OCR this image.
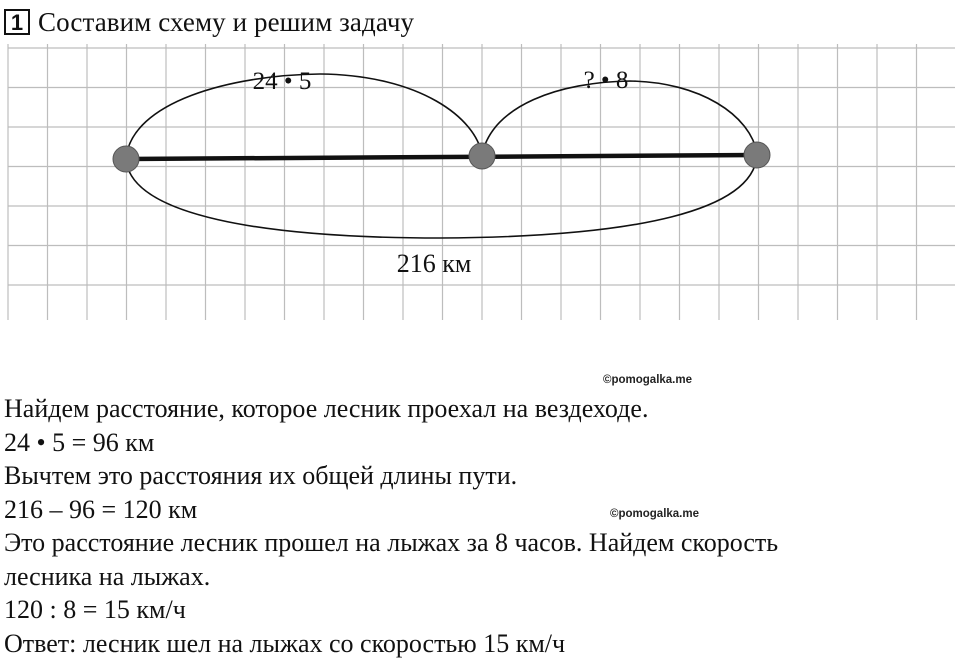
1 Составим схему и решим задачу
24 • 5	? • 8
216 км
©pomogalka.me
©pomogalka.me
Найдем расстояние, которое лесник проехал на вездеходе.
24 • 5 = 96 км
Вычтем это расстояния их общей длины пути.
216 – 96 = 120 км
Это расстояние лесник прошел на лыжах за 8 часов. Найдем скорость
лесника на лыжах.
120 : 8 = 15 км/ч
Ответ: лесник шел на лыжах со скоростью 15 км/ч
